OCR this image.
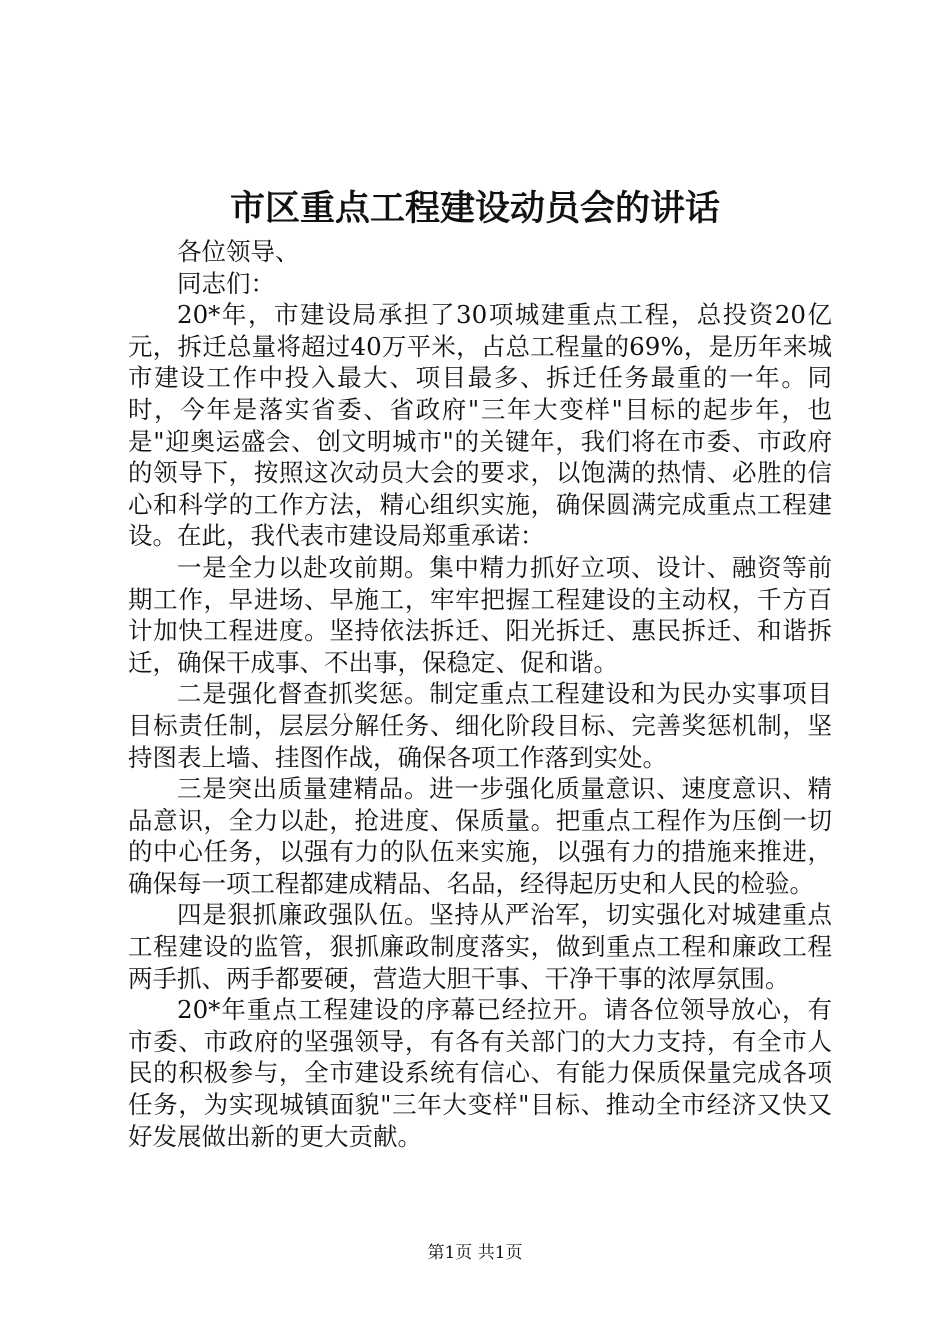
市区重点工程建设动员会的讲话

各位领导、

同志们：

20*年，市建设局承担了30项城建重点工程，总投资20亿元，拆迁总量将超过40万平米，占总工程量的69%，是历年来城市建设工作中投入最大、项目最多、拆迁任务最重的一年。同时，今年是落实省委、省政府"三年大变样"目标的起步年，也是"迎奥运盛会、创文明城市"的关键年，我们将在市委、市政府的领导下，按照这次动员大会的要求，以饱满的热情、必胜的信心和科学的工作方法，精心组织实施，确保圆满完成重点工程建设。在此，我代表市建设局郑重承诺：

一是全力以赴攻前期。集中精力抓好立项、设计、融资等前期工作，早进场、早施工，牢牢把握工程建设的主动权，千方百计加快工程进度。坚持依法拆迁、阳光拆迁、惠民拆迁、和谐拆迁，确保干成事、不出事，保稳定、促和谐。

二是强化督查抓奖惩。制定重点工程建设和为民办实事项目目标责任制，层层分解任务、细化阶段目标、完善奖惩机制，坚持图表上墙、挂图作战，确保各项工作落到实处。

三是突出质量建精品。进一步强化质量意识、速度意识、精品意识，全力以赴，抢进度、保质量。把重点工程作为压倒一切的中心任务，以强有力的队伍来实施，以强有力的措施来推进，确保每一项工程都建成精品、名品，经得起历史和人民的检验。

四是狠抓廉政强队伍。坚持从严治军，切实强化对城建重点工程建设的监管，狠抓廉政制度落实，做到重点工程和廉政工程两手抓、两手都要硬，营造大胆干事、干净干事的浓厚氛围。

20*年重点工程建设的序幕已经拉开。请各位领导放心，有市委、市政府的坚强领导，有各有关部门的大力支持，有全市人民的积极参与，全市建设系统有信心、有能力保质保量完成各项任务，为实现城镇面貌"三年大变样"目标、推动全市经济又快又好发展做出新的更大贡献。

第1页 共1页
